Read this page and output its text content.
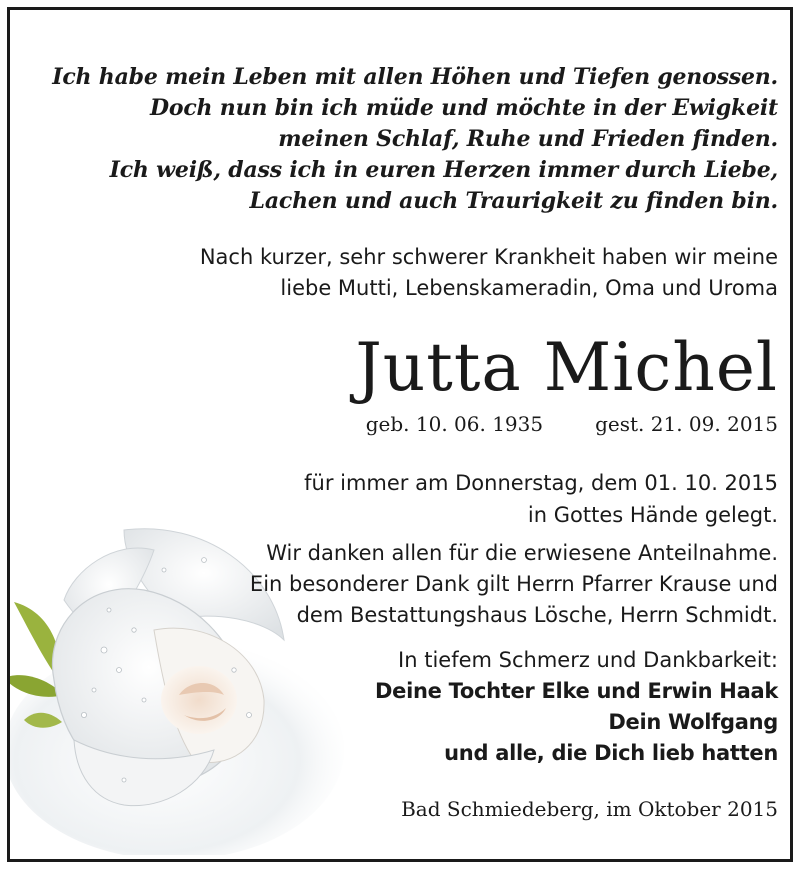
Ich habe mein Leben mit allen Höhen und Tiefen genossen.
Doch nun bin ich müde und möchte in der Ewigkeit
meinen Schlaf, Ruhe und Frieden finden.
Ich weiß, dass ich in euren Herzen immer durch Liebe,
Lachen und auch Traurigkeit zu finden bin.
Nach kurzer, sehr schwerer Krankheit haben wir meine
liebe Mutti, Lebenskameradin, Oma und Uroma
Jutta Michel
geb. 10. 06. 1935	gest. 21. 09. 2015
für immer am Donnerstag, dem 01. 10. 2015
in Gottes Hände gelegt.
Wir danken allen für die erwiesene Anteilnahme.
Ein besonderer Dank gilt Herrn Pfarrer Krause und
dem Bestattungshaus Lösche, Herrn Schmidt.
In tiefem Schmerz und Dankbarkeit:
Deine Tochter Elke und Erwin Haak
Dein Wolfgang
und alle, die Dich lieb hatten
Bad Schmiedeberg, im Oktober 2015
